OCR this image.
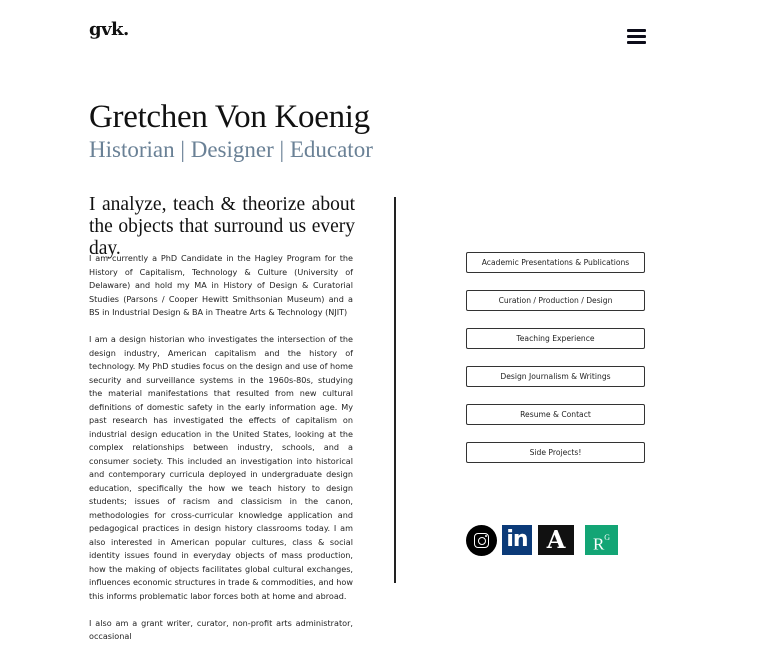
gvk.
Gretchen Von Koenig
Historian | Designer | Educator
I analyze, teach & theorize about the objects that surround us every day.

I am currently a PhD Candidate in the Hagley Program for the History of Capitalism, Technology & Culture (University of Delaware) and hold my MA in History of Design & Curatorial Studies (Parsons / Cooper Hewitt Smithsonian Museum) and a BS in Industrial Design & BA in Theatre Arts & Technology (NJIT)

I am a design historian who investigates the intersection of the design industry, American capitalism and the history of technology. My PhD studies focus on the design and use of home security and surveillance systems in the 1960s-80s, studying the material manifestations that resulted from new cultural definitions of domestic safety in the early information age. My past research has investigated the effects of capitalism on industrial design education in the United States, looking at the complex relationships between industry, schools, and a consumer society. This included an investigation into historical and contemporary curricula deployed in undergraduate design education, specifically the how we teach history to design students; issues of racism and classicism in the canon, methodologies for cross-curricular knowledge application and pedagogical practices in design history classrooms today. I am also interested in American popular cultures, class & social identity issues found in everyday objects of mass production, how the making of objects facilitates global cultural exchanges, influences economic structures in trade & commodities, and how this informs problematic labor forces both at home and abroad.

I also am a grant writer, curator, non-profit arts administrator, occasional

Academic Presentations & Publications
Curation / Production / Design
Teaching Experience
Design Journalism & Writings
Resume & Contact
Side Projects!
in A	$R^G$
